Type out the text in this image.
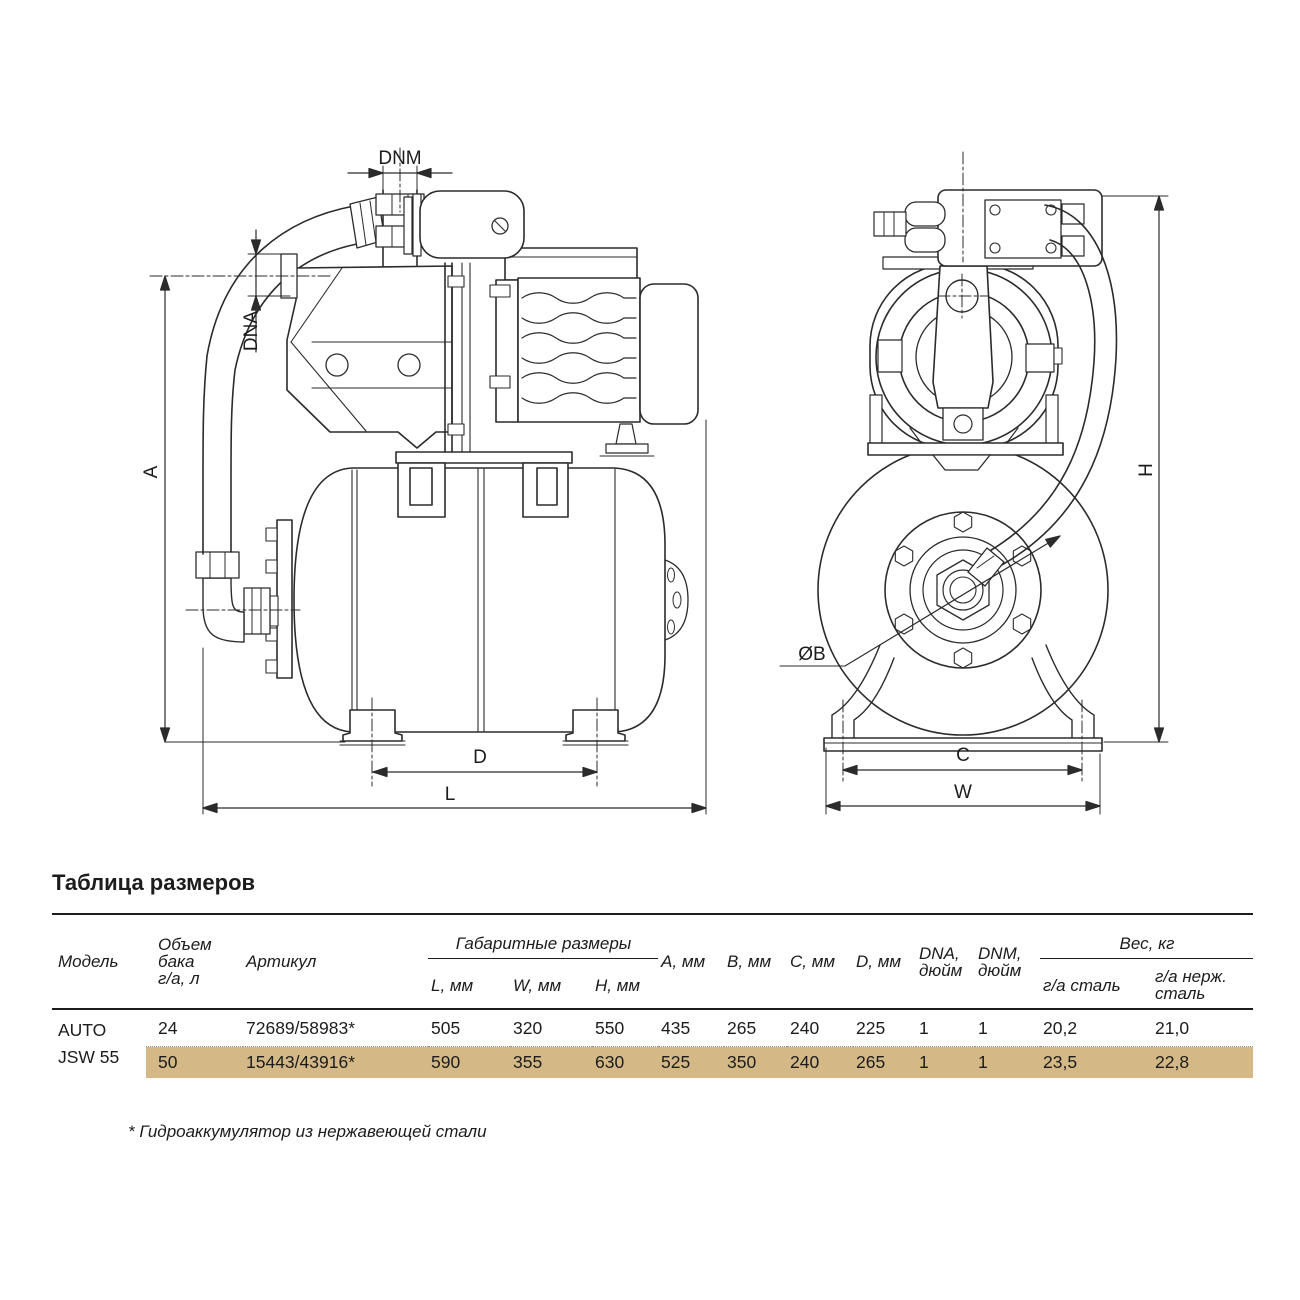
A
DNA
DNM
D
L
H
ØB
C
W
Таблица размеров
Модель	Объем
бака
г/а, л	Артикул	Габаритные размеры			A, мм	B, мм	C, мм	D, мм	DNA,
дюйм	DNM,
дюйм	Вес, кг	
			L, мм	W, мм	H, мм							г/а сталь	г/а нерж.
сталь

AUTO
JSW 55	24	72689/58983*	505	320	550	435	265	240	225	1	1	20,2	21,0
	50	15443/43916*	590	355	630	525	350	240	265	1	1	23,5	22,8
* Гидроаккумулятор из нержавеющей стали
